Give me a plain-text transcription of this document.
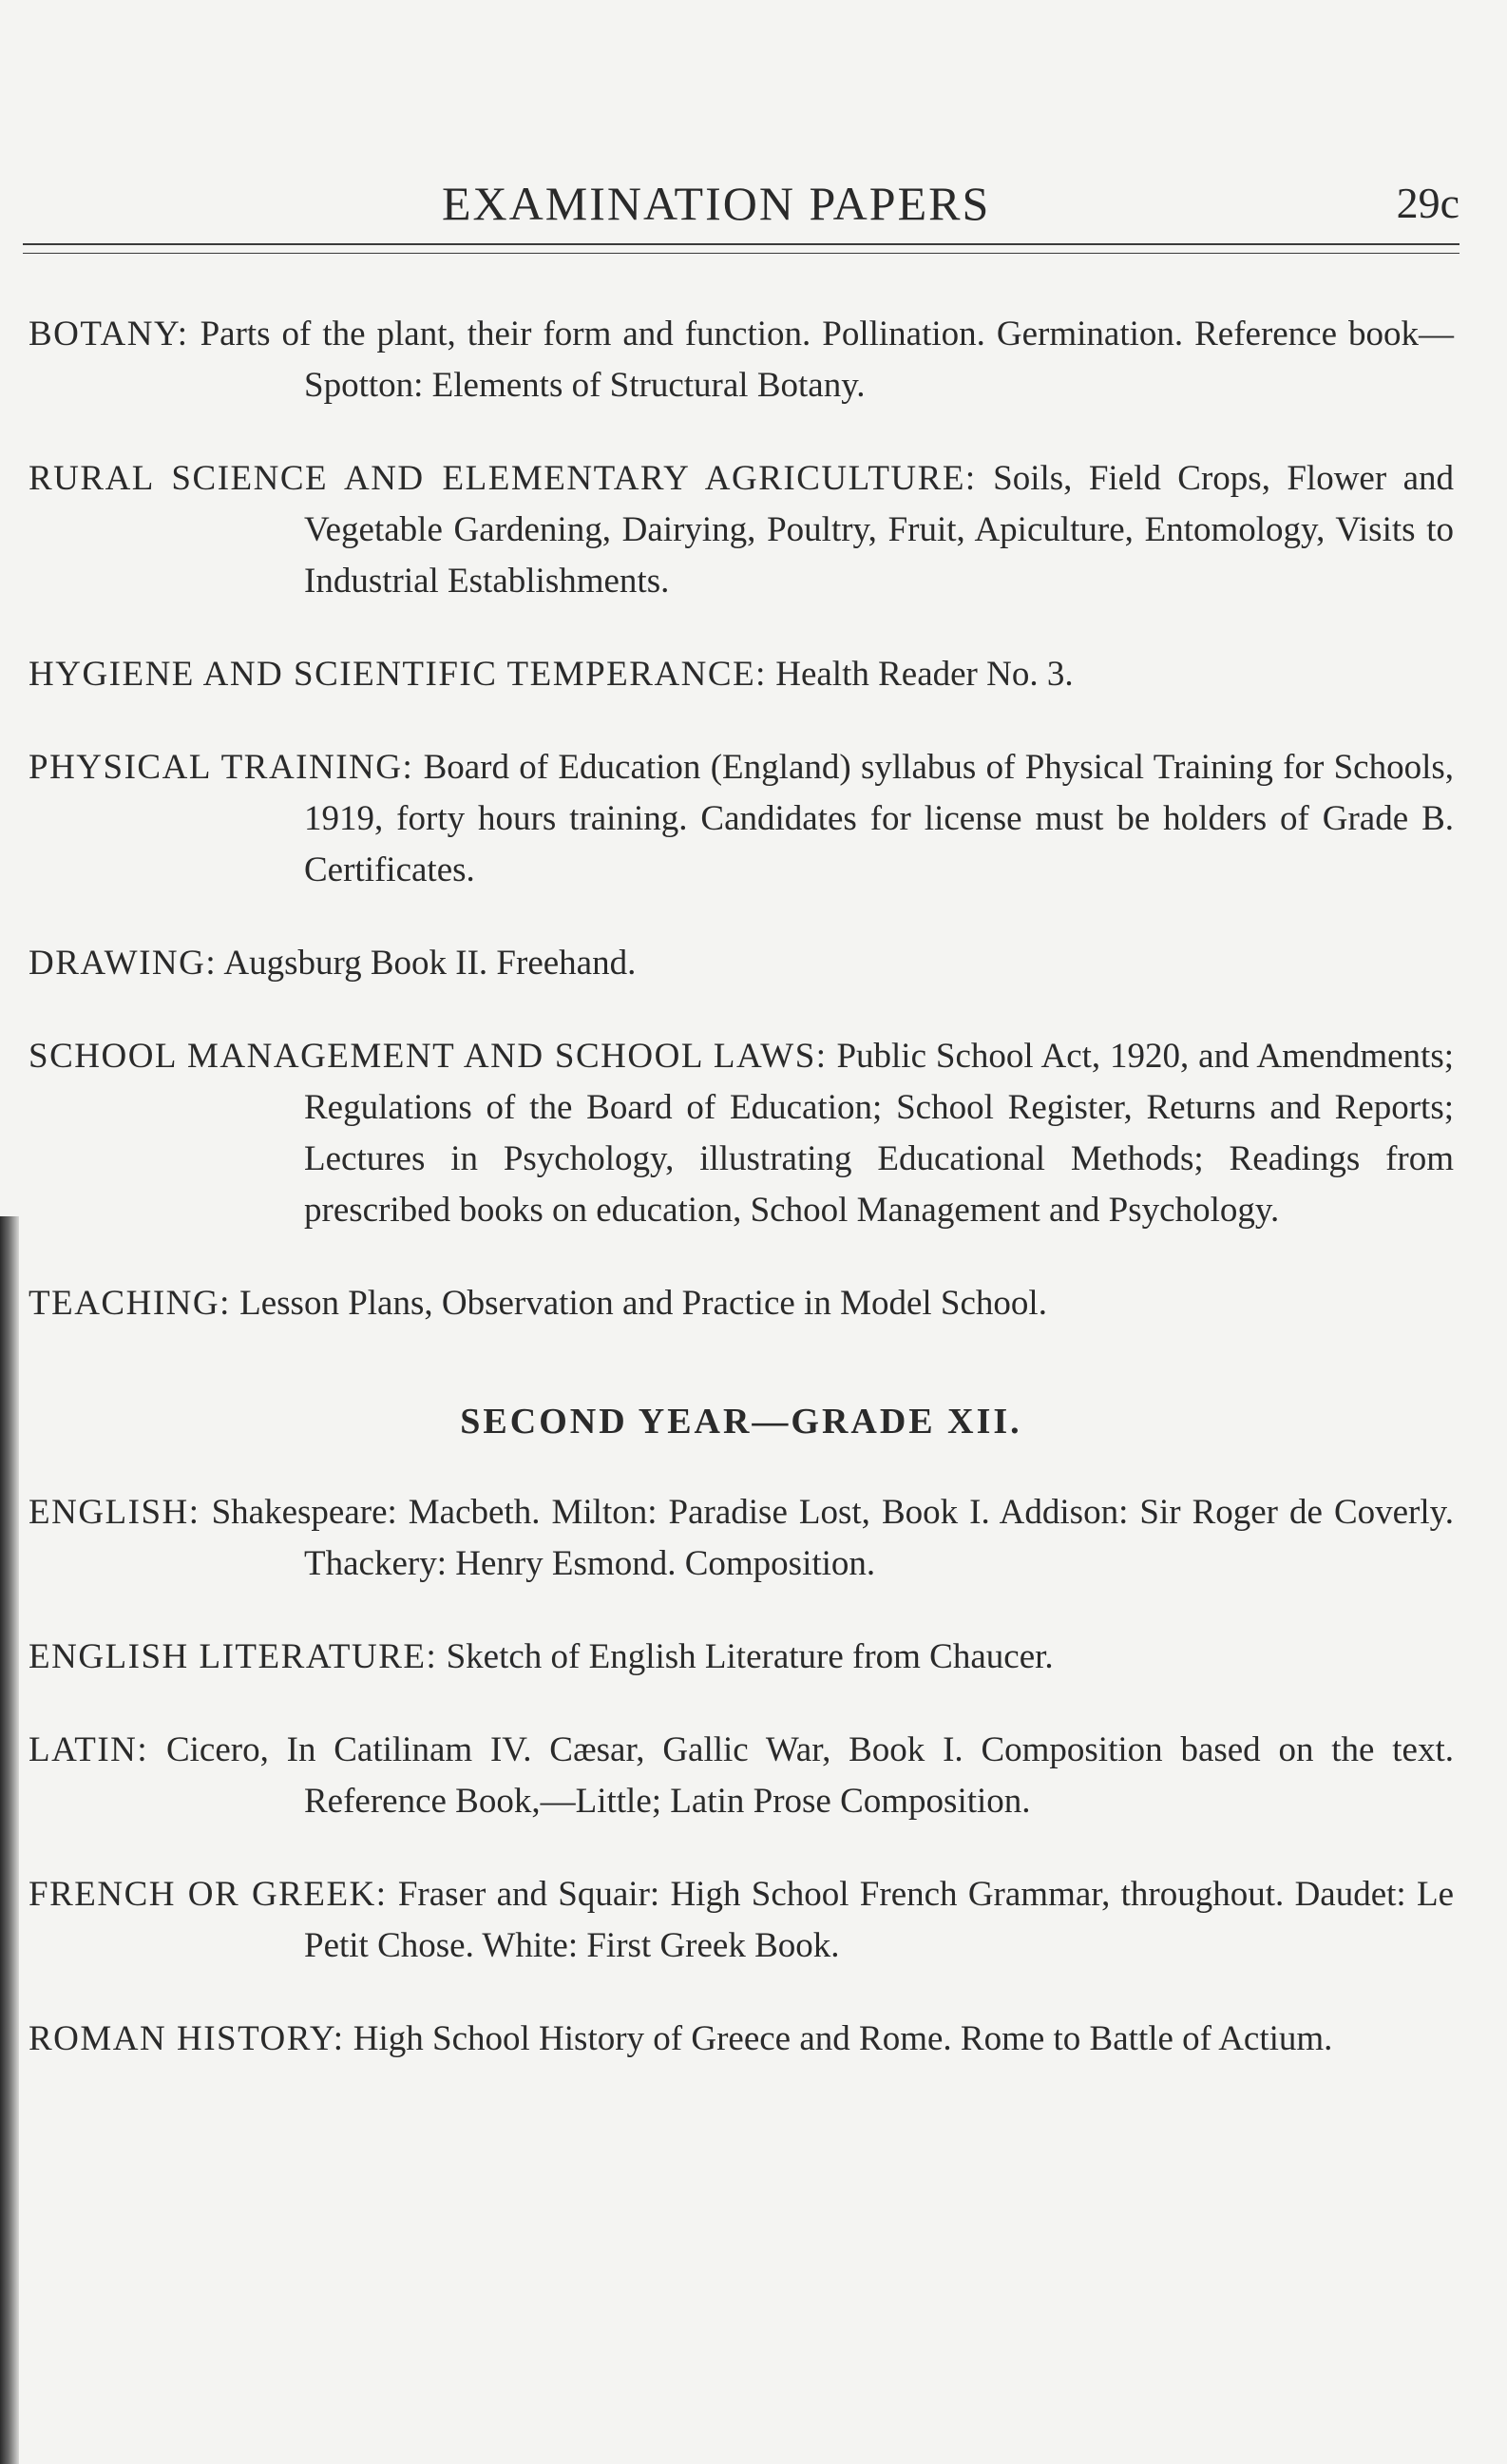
EXAMINATION PAPERS	29c

BOTANY: Parts of the plant, their form and function. Pollination. Germination. Reference book—Spotton: Elements of Structural Botany.

RURAL SCIENCE AND ELEMENTARY AGRICULTURE: Soils, Field Crops, Flower and Vegetable Gardening, Dairying, Poultry, Fruit, Apiculture, Entomology, Visits to Industrial Establishments.

HYGIENE AND SCIENTIFIC TEMPERANCE: Health Reader No. 3.

PHYSICAL TRAINING: Board of Education (England) syllabus of Physical Training for Schools, 1919, forty hours training. Candidates for license must be holders of Grade B. Certificates.

DRAWING: Augsburg Book II. Freehand.

SCHOOL MANAGEMENT AND SCHOOL LAWS: Public School Act, 1920, and Amendments; Regulations of the Board of Education; School Register, Returns and Reports; Lectures in Psychology, illustrating Educational Methods; Readings from prescribed books on education, School Management and Psychology.

TEACHING: Lesson Plans, Observation and Practice in Model School.

SECOND YEAR—GRADE XII.

ENGLISH: Shakespeare: Macbeth. Milton: Paradise Lost, Book I. Addison: Sir Roger de Coverly. Thackery: Henry Esmond. Composition.

ENGLISH LITERATURE: Sketch of English Literature from Chaucer.

LATIN: Cicero, In Catilinam IV. Cæsar, Gallic War, Book I. Composition based on the text. Reference Book,—Little; Latin Prose Composition.

FRENCH OR GREEK: Fraser and Squair: High School French Grammar, throughout. Daudet: Le Petit Chose. White: First Greek Book.

ROMAN HISTORY: High School History of Greece and Rome. Rome to Battle of Actium.
